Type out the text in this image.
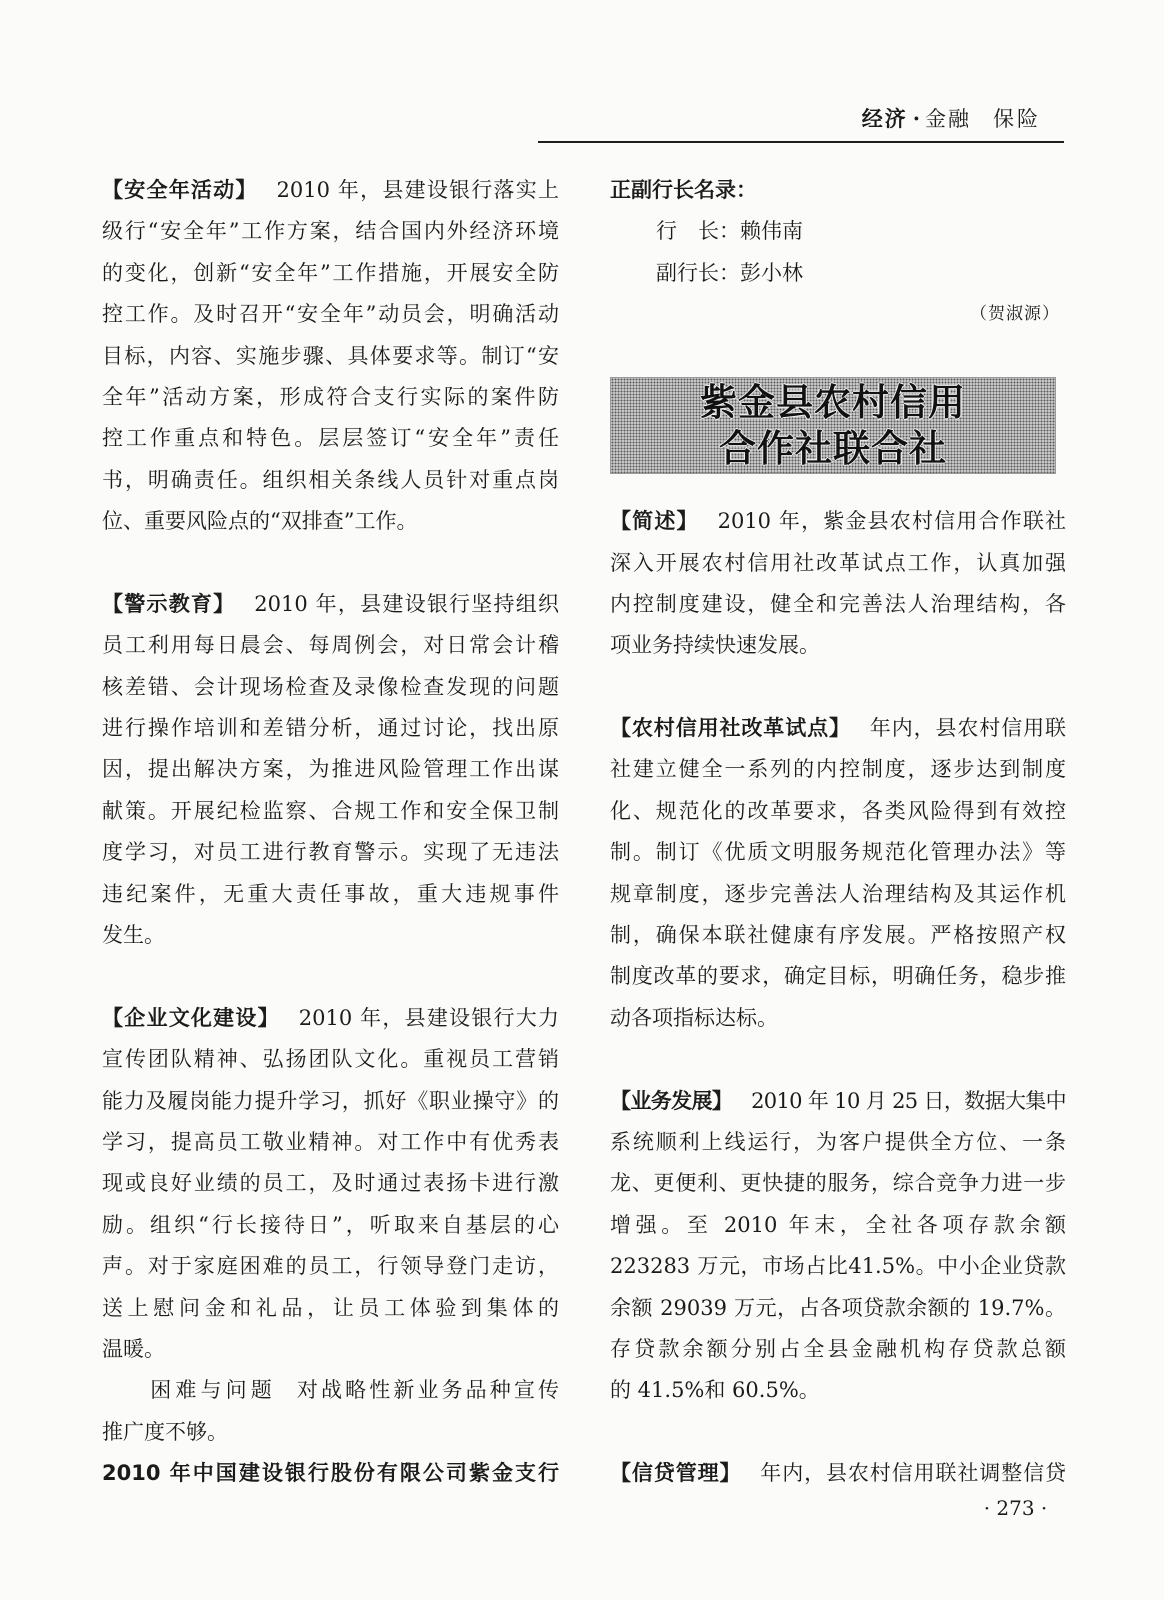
经济 · 金融 保险
【安全年活动】 2010 年，县建设银行落实上
级行“安全年”工作方案，结合国内外经济环境
的变化，创新“安全年”工作措施，开展安全防
控工作。及时召开“安全年”动员会，明确活动
目标，内容、实施步骤、具体要求等。制订“安
全年”活动方案，形成符合支行实际的案件防
控工作重点和特色。层层签订“安全年”责任
书，明确责任。组织相关条线人员针对重点岗
位、重要风险点的“双排查”工作。
【警示教育】 2010 年，县建设银行坚持组织
员工利用每日晨会、每周例会，对日常会计稽
核差错、会计现场检查及录像检查发现的问题
进行操作培训和差错分析，通过讨论，找出原
因，提出解决方案，为推进风险管理工作出谋
献策。开展纪检监察、合规工作和安全保卫制
度学习，对员工进行教育警示。实现了无违法
违纪案件，无重大责任事故，重大违规事件
发生。
【企业文化建设】 2010 年，县建设银行大力
宣传团队精神、弘扬团队文化。重视员工营销
能力及履岗能力提升学习，抓好《职业操守》的
学习，提高员工敬业精神。对工作中有优秀表
现或良好业绩的员工，及时通过表扬卡进行激
励。组织“行长接待日”，听取来自基层的心
声。对于家庭困难的员工，行领导登门走访，
送上慰问金和礼品，让员工体验到集体的
温暖。
困难与问题 对战略性新业务品种宣传
推广度不够。
2010 年中国建设银行股份有限公司紫金支行
正副行长名录：
行　长：赖伟南
副行长：彭小林
（贺淑源）
紫金县农村信用
合作社联合社
【简述】 2010 年，紫金县农村信用合作联社
深入开展农村信用社改革试点工作，认真加强
内控制度建设，健全和完善法人治理结构，各
项业务持续快速发展。
【农村信用社改革试点】 年内，县农村信用联
社建立健全一系列的内控制度，逐步达到制度
化、规范化的改革要求，各类风险得到有效控
制。制订《优质文明服务规范化管理办法》等
规章制度，逐步完善法人治理结构及其运作机
制，确保本联社健康有序发展。严格按照产权
制度改革的要求，确定目标，明确任务，稳步推
动各项指标达标。
【业务发展】 2010 年 10 月 25 日，数据大集中
系统顺利上线运行，为客户提供全方位、一条
龙、更便利、更快捷的服务，综合竞争力进一步
增强。至 2010 年末，全社各项存款余额
223283 万元，市场占比41.5%。中小企业贷款
余额 29039 万元，占各项贷款余额的 19.7%。
存贷款余额分别占全县金融机构存贷款总额
的 41.5%和 60.5%。
【信贷管理】 年内，县农村信用联社调整信贷
· 273 ·
